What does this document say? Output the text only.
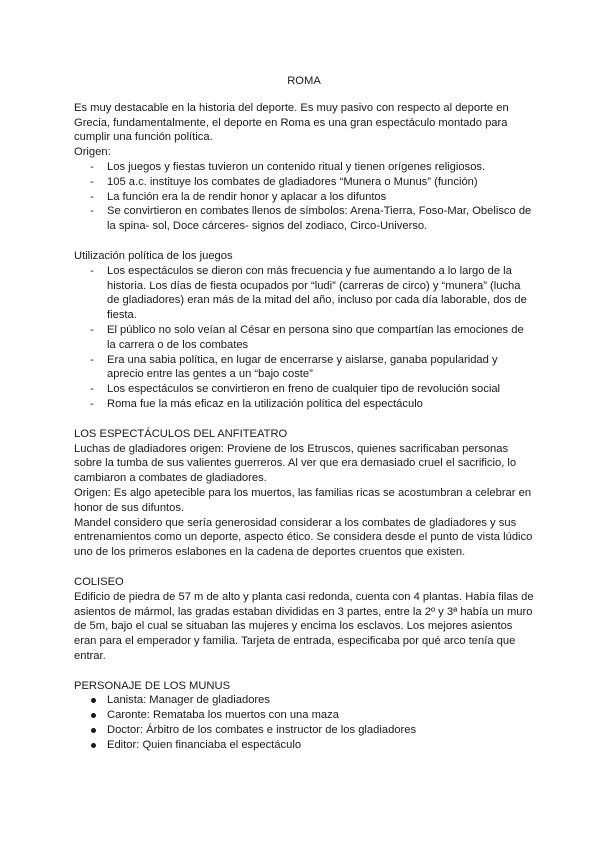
ROMA

Es muy destacable en la historia del deporte. Es muy pasivo con respecto al deporte en Grecia, fundamentalmente, el deporte en Roma es una gran espectáculo montado para cumplir una función política.

Origen:

- Los juegos y fiestas tuvieron un contenido ritual y tienen orígenes religiosos.
- 105 a.c. instituye los combates de gladiadores “Munera o Munus” (función)
- La función era la de rendir honor y aplacar a los difuntos
- Se convirtieron en combates llenos de símbolos: Arena-Tierra, Foso-Mar, Obelisco de la spina- sol, Doce cárceres- signos del zodiaco, Circo-Universo.

Utilización política de los juegos

- Los espectáculos se dieron con más frecuencia y fue aumentando a lo largo de la historia. Los días de fiesta ocupados por “ludi” (carreras de circo) y “munera” (lucha de gladiadores) eran más de la mitad del año, incluso por cada día laborable, dos de fiesta.
- El público no solo veían al César en persona sino que compartían las emociones de la carrera o de los combates
- Era una sabia política, en lugar de encerrarse y aislarse, ganaba popularidad y aprecio entre las gentes a un “bajo coste”
- Los espectáculos se convirtieron en freno de cualquier tipo de revolución social
- Roma fue la más eficaz en la utilización política del espectáculo

LOS ESPECTÁCULOS DEL ANFITEATRO

Luchas de gladiadores origen: Proviene de los Etruscos, quienes sacrificaban personas sobre la tumba de sus valientes guerreros. Al ver que era demasiado cruel el sacrificio, lo cambiaron a combates de gladiadores.

Origen: Es algo apetecible para los muertos, las familias ricas se acostumbran a celebrar en honor de sus difuntos.

Mandel considero que sería generosidad considerar a los combates de gladiadores y sus entrenamientos como un deporte, aspecto ético. Se considera desde el punto de vista lúdico uno de los primeros eslabones en la cadena de deportes cruentos que existen.

COLISEO

Edificio de piedra de 57 m de alto y planta casi redonda, cuenta con 4 plantas. Había filas de asientos de mármol, las gradas estaban divididas en 3 partes, entre la 2º y 3ª había un muro de 5m, bajo el cual se situaban las mujeres y encima los esclavos. Los mejores asientos eran para el emperador y familia. Tarjeta de entrada, especificaba por qué arco tenía que entrar.

PERSONAJE DE LOS MUNUS

Lanista: Manager de gladiadores
Caronte: Remataba los muertos con una maza
Doctor: Árbitro de los combates e instructor de los gladiadores
Editor: Quien financiaba el espectáculo
